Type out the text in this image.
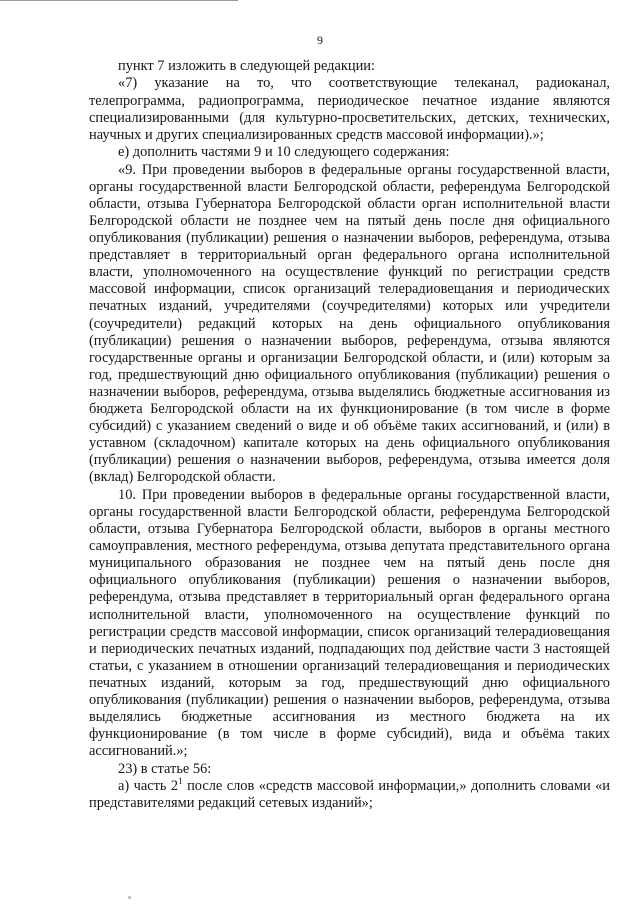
9

пункт 7 изложить в следующей редакции:

«7) указание на то, что соответствующие телеканал, радиоканал, телепрограмма, радиопрограмма, периодическое печатное издание являются специализированными (для культурно-просветительских, детских, технических, научных и других специализированных средств массовой информации).»;

е) дополнить частями 9 и 10 следующего содержания:

«9. При проведении выборов в федеральные органы государственной власти, органы государственной власти Белгородской области, референдума Белгородской области, отзыва Губернатора Белгородской области орган исполнительной власти Белгородской области не позднее чем на пятый день после дня официального опубликования (публикации) решения о назначении выборов, референдума, отзыва представляет в территориальный орган федерального органа исполнительной власти, уполномоченного на осуществление функций по регистрации средств массовой информации, список организаций телерадиовещания и периодических печатных изданий, учредителями (соучредителями) которых или учредители (соучредители) редакций которых на день официального опубликования (публикации) решения о назначении выборов, референдума, отзыва являются государственные органы и организации Белгородской области, и (или) которым за год, предшествующий дню официального опубликования (публикации) решения о назначении выборов, референдума, отзыва выделялись бюджетные ассигнования из бюджета Белгородской области на их функционирование (в том числе в форме субсидий) с указанием сведений о виде и об объёме таких ассигнований, и (или) в уставном (складочном) капитале которых на день официального опубликования (публикации) решения о назначении выборов, референдума, отзыва имеется доля (вклад) Белгородской области.

10. При проведении выборов в федеральные органы государственной власти, органы государственной власти Белгородской области, референдума Белгородской области, отзыва Губернатора Белгородской области, выборов в органы местного самоуправления, местного референдума, отзыва депутата представительного органа муниципального образования не позднее чем на пятый день после дня официального опубликования (публикации) решения о назначении выборов, референдума, отзыва представляет в территориальный орган федерального органа исполнительной власти, уполномоченного на осуществление функций по регистрации средств массовой информации, список организаций телерадиовещания и периодических печатных изданий, подпадающих под действие части 3 настоящей статьи, с указанием в отношении организаций телерадиовещания и периодических печатных изданий, которым за год, предшествующий дню официального опубликования (публикации) решения о назначении выборов, референдума, отзыва выделялись бюджетные ассигнования из местного бюджета на их функционирование (в том числе в форме субсидий), вида и объёма таких ассигнований.»;

23) в статье 56:

а) часть $2^1$ после слов «средств массовой информации,» дополнить словами «и представителями редакций сетевых изданий»;
